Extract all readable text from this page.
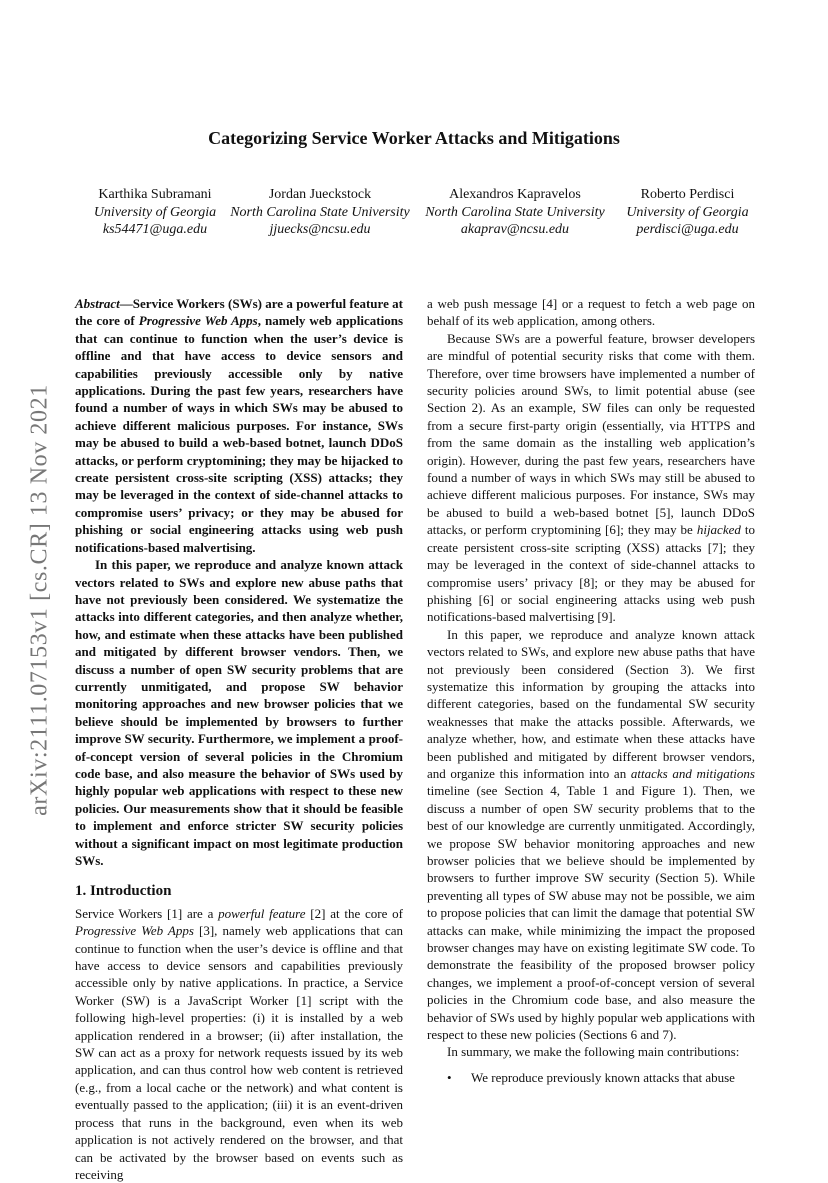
arXiv:2111.07153v1 [cs.CR] 13 Nov 2021
Categorizing Service Worker Attacks and Mitigations
Karthika Subramani
University of Georgia
ks54471@uga.edu
Jordan Jueckstock
North Carolina State University
jjuecks@ncsu.edu
Alexandros Kapravelos
North Carolina State University
akaprav@ncsu.edu
Roberto Perdisci
University of Georgia
perdisci@uga.edu

Abstract—Service Workers (SWs) are a powerful feature at the core of Progressive Web Apps, namely web applications that can continue to function when the user’s device is offline and that have access to device sensors and capabilities previously accessible only by native applications. During the past few years, researchers have found a number of ways in which SWs may be abused to achieve different malicious purposes. For instance, SWs may be abused to build a web-based botnet, launch DDoS attacks, or perform cryptomining; they may be hijacked to create persistent cross-site scripting (XSS) attacks; they may be leveraged in the context of side-channel attacks to compromise users’ privacy; or they may be abused for phishing or social engineering attacks using web push notifications-based malvertising.

In this paper, we reproduce and analyze known attack vectors related to SWs and explore new abuse paths that have not previously been considered. We systematize the attacks into different categories, and then analyze whether, how, and estimate when these attacks have been published and mitigated by different browser vendors. Then, we discuss a number of open SW security problems that are currently unmitigated, and propose SW behavior monitoring approaches and new browser policies that we believe should be implemented by browsers to further improve SW security. Furthermore, we implement a proof-of-concept version of several policies in the Chromium code base, and also measure the behavior of SWs used by highly popular web applications with respect to these new policies. Our measurements show that it should be feasible to implement and enforce stricter SW security policies without a significant impact on most legitimate production SWs.

1. Introduction

Service Workers [1] are a powerful feature [2] at the core of Progressive Web Apps [3], namely web applications that can continue to function when the user’s device is offline and that have access to device sensors and capabilities previously accessible only by native applications. In practice, a Service Worker (SW) is a JavaScript Worker [1] script with the following high-level properties: (i) it is installed by a web application rendered in a browser; (ii) after installation, the SW can act as a proxy for network requests issued by its web application, and can thus control how web content is retrieved (e.g., from a local cache or the network) and what content is eventually passed to the application; (iii) it is an event-driven process that runs in the background, even when its web application is not actively rendered on the browser, and that can be activated by the browser based on events such as receiving

a web push message [4] or a request to fetch a web page on behalf of its web application, among others.

Because SWs are a powerful feature, browser developers are mindful of potential security risks that come with them. Therefore, over time browsers have implemented a number of security policies around SWs, to limit potential abuse (see Section 2). As an example, SW files can only be requested from a secure first-party origin (essentially, via HTTPS and from the same domain as the installing web application’s origin). However, during the past few years, researchers have found a number of ways in which SWs may still be abused to achieve different malicious purposes. For instance, SWs may be abused to build a web-based botnet [5], launch DDoS attacks, or perform cryptomining [6]; they may be hijacked to create persistent cross-site scripting (XSS) attacks [7]; they may be leveraged in the context of side-channel attacks to compromise users’ privacy [8]; or they may be abused for phishing [6] or social engineering attacks using web push notifications-based malvertising [9].

In this paper, we reproduce and analyze known attack vectors related to SWs, and explore new abuse paths that have not previously been considered (Section 3). We first systematize this information by grouping the attacks into different categories, based on the fundamental SW security weaknesses that make the attacks possible. Afterwards, we analyze whether, how, and estimate when these attacks have been published and mitigated by different browser vendors, and organize this information into an attacks and mitigations timeline (see Section 4, Table 1 and Figure 1). Then, we discuss a number of open SW security problems that to the best of our knowledge are currently unmitigated. Accordingly, we propose SW behavior monitoring approaches and new browser policies that we believe should be implemented by browsers to further improve SW security (Section 5). While preventing all types of SW abuse may not be possible, we aim to propose policies that can limit the damage that potential SW attacks can make, while minimizing the impact the proposed browser changes may have on existing legitimate SW code. To demonstrate the feasibility of the proposed browser policy changes, we implement a proof-of-concept version of several policies in the Chromium code base, and also measure the behavior of SWs used by highly popular web applications with respect to these new policies (Sections 6 and 7).

In summary, we make the following main contributions:

• We reproduce previously known attacks that abuse
